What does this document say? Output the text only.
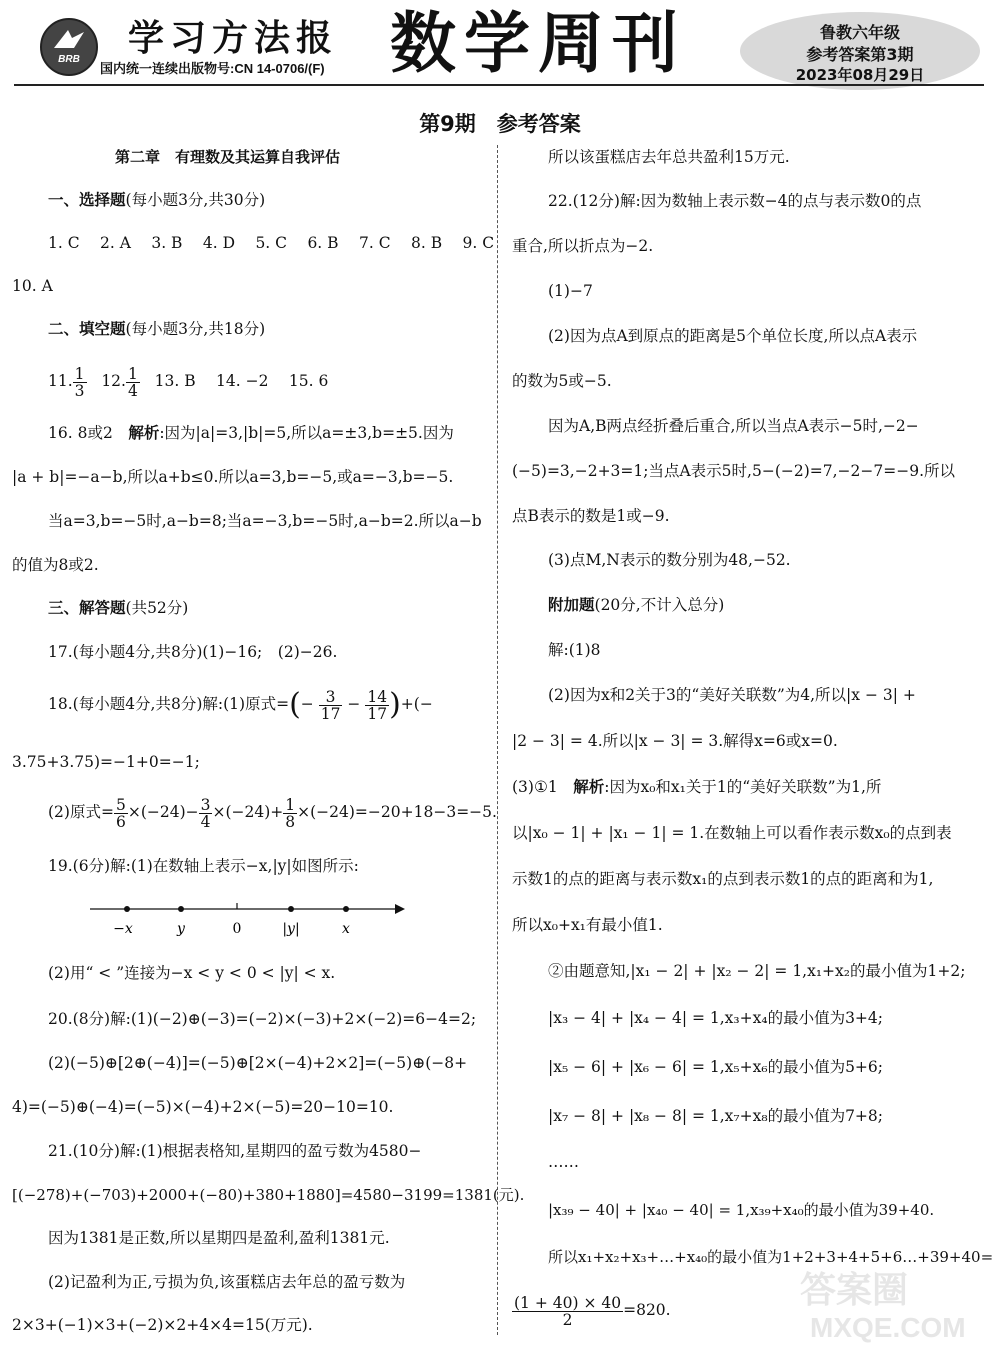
BRB
学习方法报
国内统一连续出版物号:CN 14-0706/(F) 数学周刊	鲁教六年级
参考答案第3期
2023年08月29日
第9期　参考答案
第二章　有理数及其运算自我评估
一、选择题(每小题3分,共30分)
1. C　 2. A　 3. B　 4. D　 5. C　 6. B　 7. C　 8. B　 9. C
10. A
二、填空题(每小题3分,共18分)
11. $\frac{1}{3} 12$. $\frac{1}{4} 13$. B　 14. −2　 15. 6
16. 8或2　解析:因为|a|=3,|b|=5,所以a=±3,b=±5.因为
|a + b|=−a−b,所以a+b≤0.所以a=3,b=−5,或a=−3,b=−5.
当a=3,b=−5时,a−b=8;当a=−3,b=−5时,a−b=2.所以a−b
的值为8或2.
三、解答题(共52分)
17.(每小题4分,共8分)(1)−16;　(2)−26.
18.(每小题4分,共8分)解:(1)原式=(− $\frac{3}{17} - \frac{14}{17}$ )+(−
3.75+3.75)=−1+0=−1;
(2)原式= $\frac{5}{6} \times(-24)- \frac{3}{4} \times(-24)+ \frac{1}{8} \times(-24)=-20+18-3=-5$.
19.(6分)解:(1)在数轴上表示−x,|y|如图所示:
−x	y	0	|y|	x
(2)用“ < ”连接为−x < y < 0 < |y| < x.
20.(8分)解:(1)(−2)⊕(−3)=(−2)×(−3)+2×(−2)=6−4=2;
(2)(−5)⊕[2⊕(−4)]=(−5)⊕[2×(−4)+2×2]=(−5)⊕(−8+
4)=(−5)⊕(−4)=(−5)×(−4)+2×(−5)=20−10=10.
21.(10分)解:(1)根据表格知,星期四的盈亏数为4580−
[(−278)+(−703)+2000+(−80)+380+1880]=4580−3199=1381(元).
因为1381是正数,所以星期四是盈利,盈利1381元.
(2)记盈利为正,亏损为负,该蛋糕店去年总的盈亏数为
2×3+(−1)×3+(−2)×2+4×4=15(万元).
所以该蛋糕店去年总共盈利15万元.
22.(12分)解:因为数轴上表示数−4的点与表示数0的点
重合,所以折点为−2.
(1)−7
(2)因为点A到原点的距离是5个单位长度,所以点A表示
的数为5或−5.
因为A,B两点经折叠后重合,所以当点A表示−5时,−2−
(−5)=3,−2+3=1;当点A表示5时,5−(−2)=7,−2−7=−9.所以
点B表示的数是1或−9.
(3)点M,N表示的数分别为48,−52.
附加题(20分,不计入总分)
解:(1)8
(2)因为x和2关于3的“美好关联数”为4,所以|x − 3| +
|2 − 3| = 4.所以|x − 3| = 3.解得x=6或x=0.
(3)①1　解析:因为x₀和x₁关于1的“美好关联数”为1,所
以|x₀ − 1| + |x₁ − 1| = 1.在数轴上可以看作表示数x₀的点到表
示数1的点的距离与表示数x₁的点到表示数1的点的距离和为1,
所以x₀+x₁有最小值1.
②由题意知,|x₁ − 2| + |x₂ − 2| = 1,x₁+x₂的最小值为1+2;
|x₃ − 4| + |x₄ − 4| = 1,x₃+x₄的最小值为3+4;
|x₅ − 6| + |x₆ − 6| = 1,x₅+x₆的最小值为5+6;
|x₇ − 8| + |x₈ − 8| = 1,x₇+x₈的最小值为7+8;
……
|x₃₉ − 40| + |x₄₀ − 40| = 1,x₃₉+x₄₀的最小值为39+40.
所以x₁+x₂+x₃+…+x₄₀的最小值为1+2+3+4+5+6…+39+40=
$\frac{(1 + 40) \times 40}{2} =820$.	答案圈
MXQE.COM
